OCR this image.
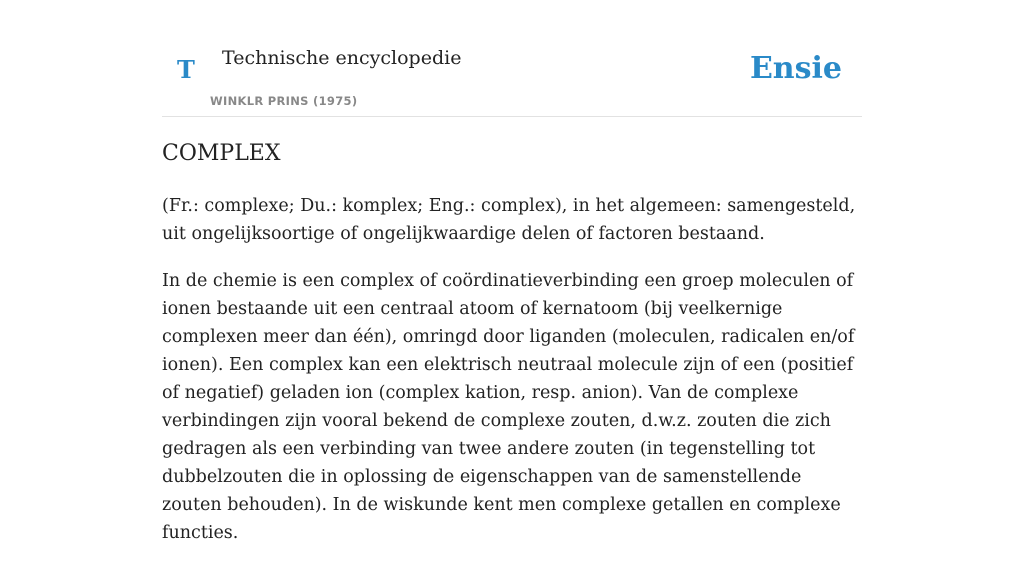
T Technische encyclopedie
WINKLR PRINS (1975)
Ensie
COMPLEX

(Fr.: complexe; Du.: komplex; Eng.: complex), in het algemeen: samengesteld, uit ongelijksoortige of ongelijkwaardige delen of factoren bestaand.

In de chemie is een complex of coördinatieverbinding een groep moleculen of ionen bestaande uit een centraal atoom of kernatoom (bij veelkernige complexen meer dan één), omringd door liganden (moleculen, radicalen en/of ionen). Een complex kan een elektrisch neutraal molecule zijn of een (positief of negatief) geladen ion (complex kation, resp. anion). Van de complexe verbindingen zijn vooral bekend de complexe zouten, d.w.z. zouten die zich gedragen als een verbinding van twee andere zouten (in tegenstelling tot dubbelzouten die in oplossing de eigenschappen van de samenstellende zouten behouden). In de wiskunde kent men complexe getallen en complexe functies.
